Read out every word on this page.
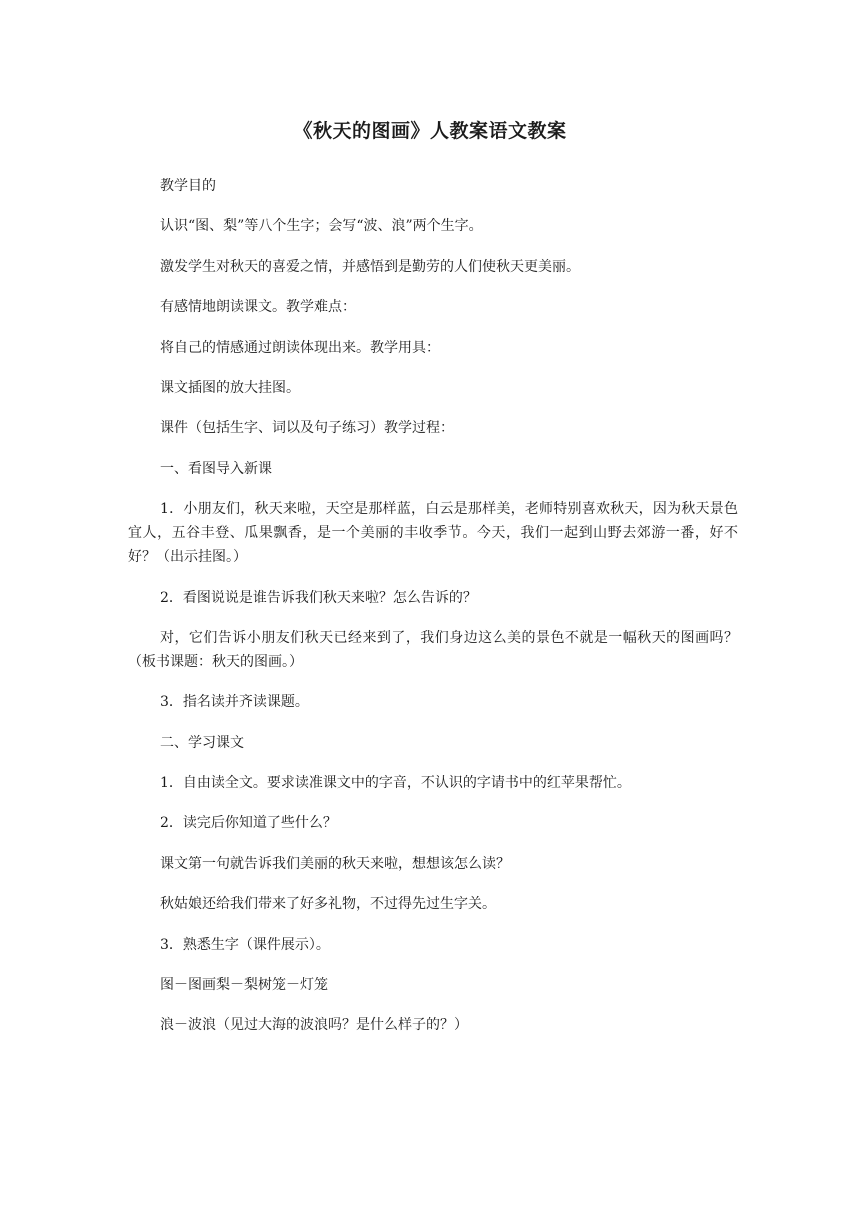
《秋天的图画》人教案语文教案

教学目的

认识“图、梨”等八个生字；会写“波、浪”两个生字。

激发学生对秋天的喜爱之情，并感悟到是勤劳的人们使秋天更美丽。

有感情地朗读课文。教学难点：

将自己的情感通过朗读体现出来。教学用具：

课文插图的放大挂图。

课件（包括生字、词以及句子练习）教学过程：

一、看图导入新课

1．小朋友们，秋天来啦，天空是那样蓝，白云是那样美，老师特别喜欢秋天，因为秋天景色宜人，五谷丰登、瓜果飘香，是一个美丽的丰收季节。今天，我们一起到山野去郊游一番，好不好？（出示挂图。）

2．看图说说是谁告诉我们秋天来啦？怎么告诉的？

对，它们告诉小朋友们秋天已经来到了，我们身边这么美的景色不就是一幅秋天的图画吗？（板书课题：秋天的图画。）

3．指名读并齐读课题。

二、学习课文

1．自由读全文。要求读准课文中的字音，不认识的字请书中的红苹果帮忙。

2．读完后你知道了些什么？

课文第一句就告诉我们美丽的秋天来啦，想想该怎么读？

秋姑娘还给我们带来了好多礼物，不过得先过生字关。

3．熟悉生字（课件展示）。

图－图画梨－梨树笼－灯笼

浪－波浪（见过大海的波浪吗？是什么样子的？）
